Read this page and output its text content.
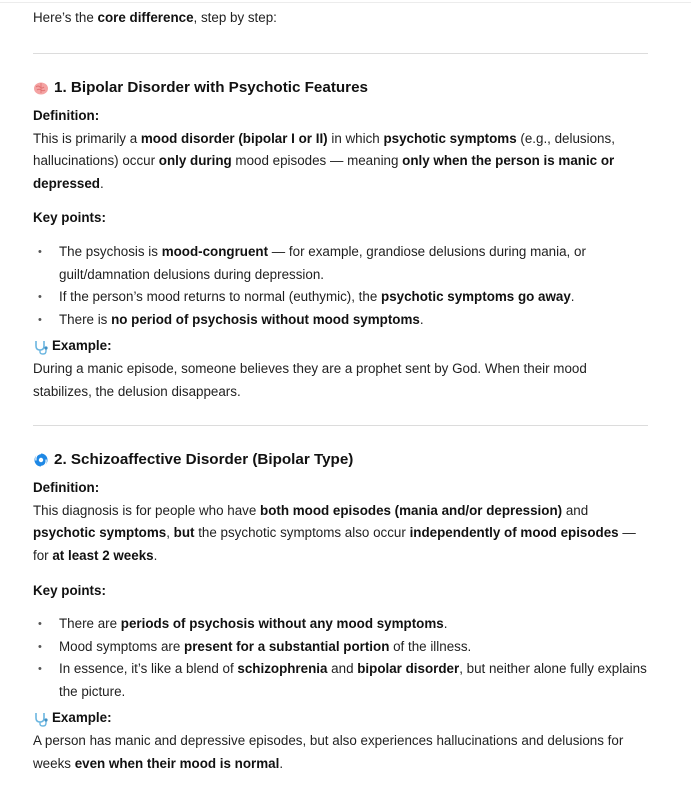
Here’s the core difference, step by step:

1. Bipolar Disorder with Psychotic Features
Definition:

This is primarily a mood disorder (bipolar I or II) in which psychotic symptoms (e.g., delusions, hallucinations) occur only during mood episodes — meaning only when the person is manic or depressed.

Key points:
• The psychosis is mood-congruent — for example, grandiose delusions during mania, or guilt/damnation delusions during depression.
• If the person’s mood returns to normal (euthymic), the psychotic symptoms go away.
• There is no period of psychosis without mood symptoms.
Example:

During a manic episode, someone believes they are a prophet sent by God. When their mood stabilizes, the delusion disappears.

2. Schizoaffective Disorder (Bipolar Type)
Definition:

This diagnosis is for people who have both mood episodes (mania and/or depression) and psychotic symptoms, but the psychotic symptoms also occur independently of mood episodes — for at least 2 weeks.

Key points:
• There are periods of psychosis without any mood symptoms.
• Mood symptoms are present for a substantial portion of the illness.
• In essence, it’s like a blend of schizophrenia and bipolar disorder, but neither alone fully explains the picture.
Example:

A person has manic and depressive episodes, but also experiences hallucinations and delusions for weeks even when their mood is normal.
